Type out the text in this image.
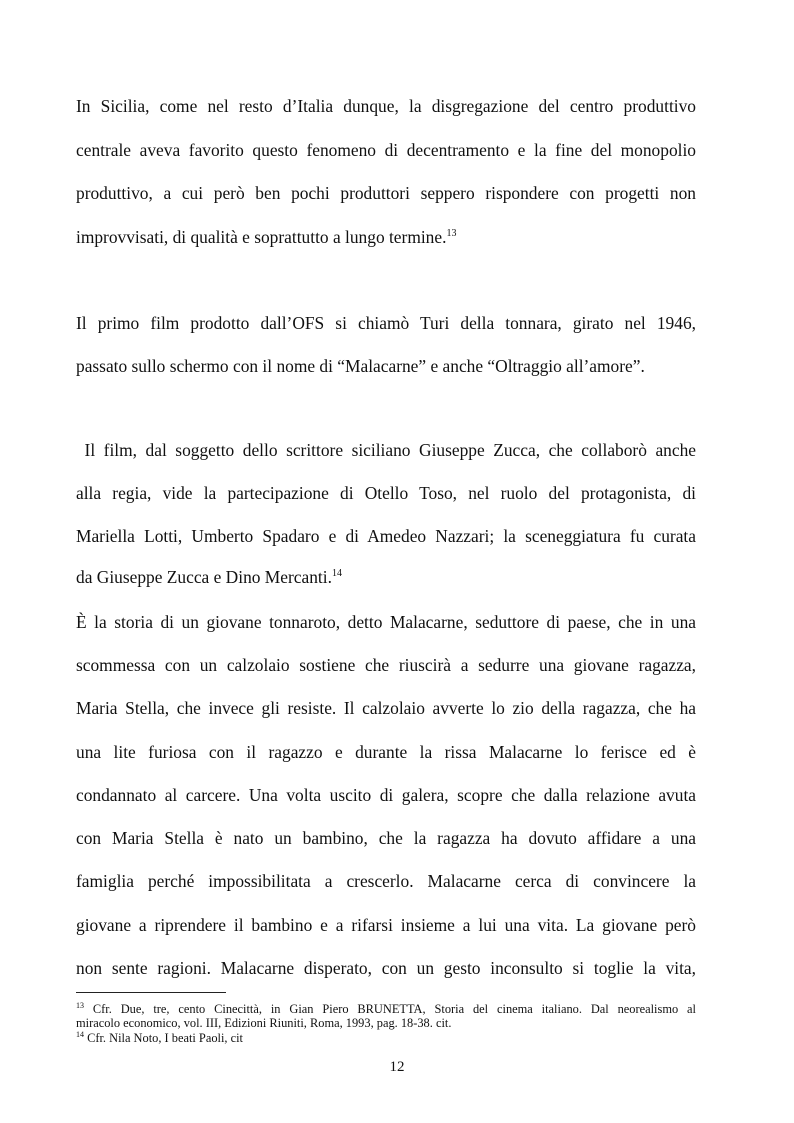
In Sicilia, come nel resto d’Italia dunque, la disgregazione del centro produttivo
centrale aveva favorito questo fenomeno di decentramento e la fine del monopolio
produttivo, a cui però ben pochi produttori seppero rispondere con progetti non
improvvisati, di qualità e soprattutto a lungo termine.$^{13}$
Il primo film prodotto dall’OFS si chiamò Turi della tonnara, girato nel 1946,
passato sullo schermo con il nome di “Malacarne” e anche “Oltraggio all’amore”.
Il film, dal soggetto dello scrittore siciliano Giuseppe Zucca, che collaborò anche
alla regia, vide la partecipazione di Otello Toso, nel ruolo del protagonista, di
Mariella Lotti, Umberto Spadaro e di Amedeo Nazzari; la sceneggiatura fu curata
da Giuseppe Zucca e Dino Mercanti.$^{14}$
È la storia di un giovane tonnaroto, detto Malacarne, seduttore di paese, che in una
scommessa con un calzolaio sostiene che riuscirà a sedurre una giovane ragazza,
Maria Stella, che invece gli resiste. Il calzolaio avverte lo zio della ragazza, che ha
una lite furiosa con il ragazzo e durante la rissa Malacarne lo ferisce ed è
condannato al carcere. Una volta uscito di galera, scopre che dalla relazione avuta
con Maria Stella è nato un bambino, che la ragazza ha dovuto affidare a una
famiglia perché impossibilitata a crescerlo. Malacarne cerca di convincere la
giovane a riprendere il bambino e a rifarsi insieme a lui una vita. La giovane però
non sente ragioni. Malacarne disperato, con un gesto inconsulto si toglie la vita,
$^{13}$ Cfr. Due, tre, cento Cinecittà, in Gian Piero BRUNETTA, Storia del cinema italiano. Dal neorealismo al
miracolo economico, vol. III, Edizioni Riuniti, Roma, 1993, pag. 18-38. cit.
$^{14}$ Cfr. Nila Noto, I beati Paoli, cit
12
